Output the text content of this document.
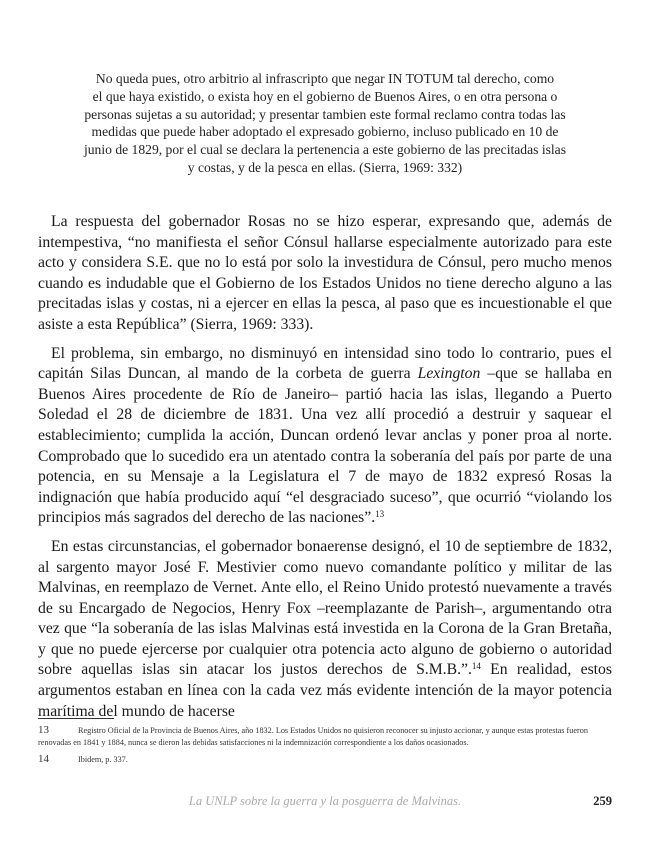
No queda pues, otro arbitrio al infrascripto que negar IN TOTUM tal derecho, como
el que haya existido, o exista hoy en el gobierno de Buenos Aires, o en otra persona o
personas sujetas a su autoridad; y presentar tambien este formal reclamo contra todas las
medidas que puede haber adoptado el expresado gobierno, incluso publicado en 10 de
junio de 1829, por el cual se declara la pertenencia a este gobierno de las precitadas islas
y costas, y de la pesca en ellas. (Sierra, 1969: 332)

La respuesta del gobernador Rosas no se hizo esperar, expresando que, además de intempestiva, “no manifiesta el señor Cónsul hallarse especialmente autorizado para este acto y considera S.E. que no lo está por solo la investidura de Cónsul, pero mucho menos cuando es indudable que el Gobierno de los Estados Unidos no tiene derecho alguno a las precitadas islas y costas, ni a ejercer en ellas la pesca, al paso que es incuestionable el que asiste a esta República” (Sierra, 1969: 333).

El problema, sin embargo, no disminuyó en intensidad sino todo lo contrario, pues el capitán Silas Duncan, al mando de la corbeta de guerra Lexington –que se hallaba en Buenos Aires procedente de Río de Janeiro– partió hacia las islas, llegando a Puerto Soledad el 28 de diciembre de 1831. Una vez allí procedió a destruir y saquear el establecimiento; cumplida la acción, Duncan ordenó levar anclas y poner proa al norte. Comprobado que lo sucedido era un atentado contra la soberanía del país por parte de una potencia, en su Mensaje a la Legislatura el 7 de mayo de 1832 expresó Rosas la indignación que había producido aquí “el desgraciado suceso”, que ocurrió “violando los principios más sagrados del derecho de las naciones”.$^{13}$

En estas circunstancias, el gobernador bonaerense designó, el 10 de septiembre de 1832, al sargento mayor José F. Mestivier como nuevo comandante político y militar de las Malvinas, en reemplazo de Vernet. Ante ello, el Reino Unido protestó nuevamente a través de su Encargado de Negocios, Henry Fox –reemplazante de Parish–, argumentando otra vez que “la soberanía de las islas Malvinas está investida en la Corona de la Gran Bretaña, y que no puede ejercerse por cualquier otra potencia acto alguno de gobierno o autoridad sobre aquellas islas sin atacar los justos derechos de S.M.B.”.$^{14}$ En realidad, estos argumentos estaban en línea con la cada vez más evidente intención de la mayor potencia marítima del mundo de hacerse

13	Registro Oficial de la Provincia de Buenos Aires, año 1832. Los Estados Unidos no quisieron reconocer su injusto accionar, y aunque estas protestas fueron renovadas en 1841 y 1884, nunca se dieron las debidas satisfacciones ni la indemnización correspondiente a los daños ocasionados.
14	Ibidem, p. 337.
La UNLP sobre la guerra y la posguerra de Malvinas.	259
